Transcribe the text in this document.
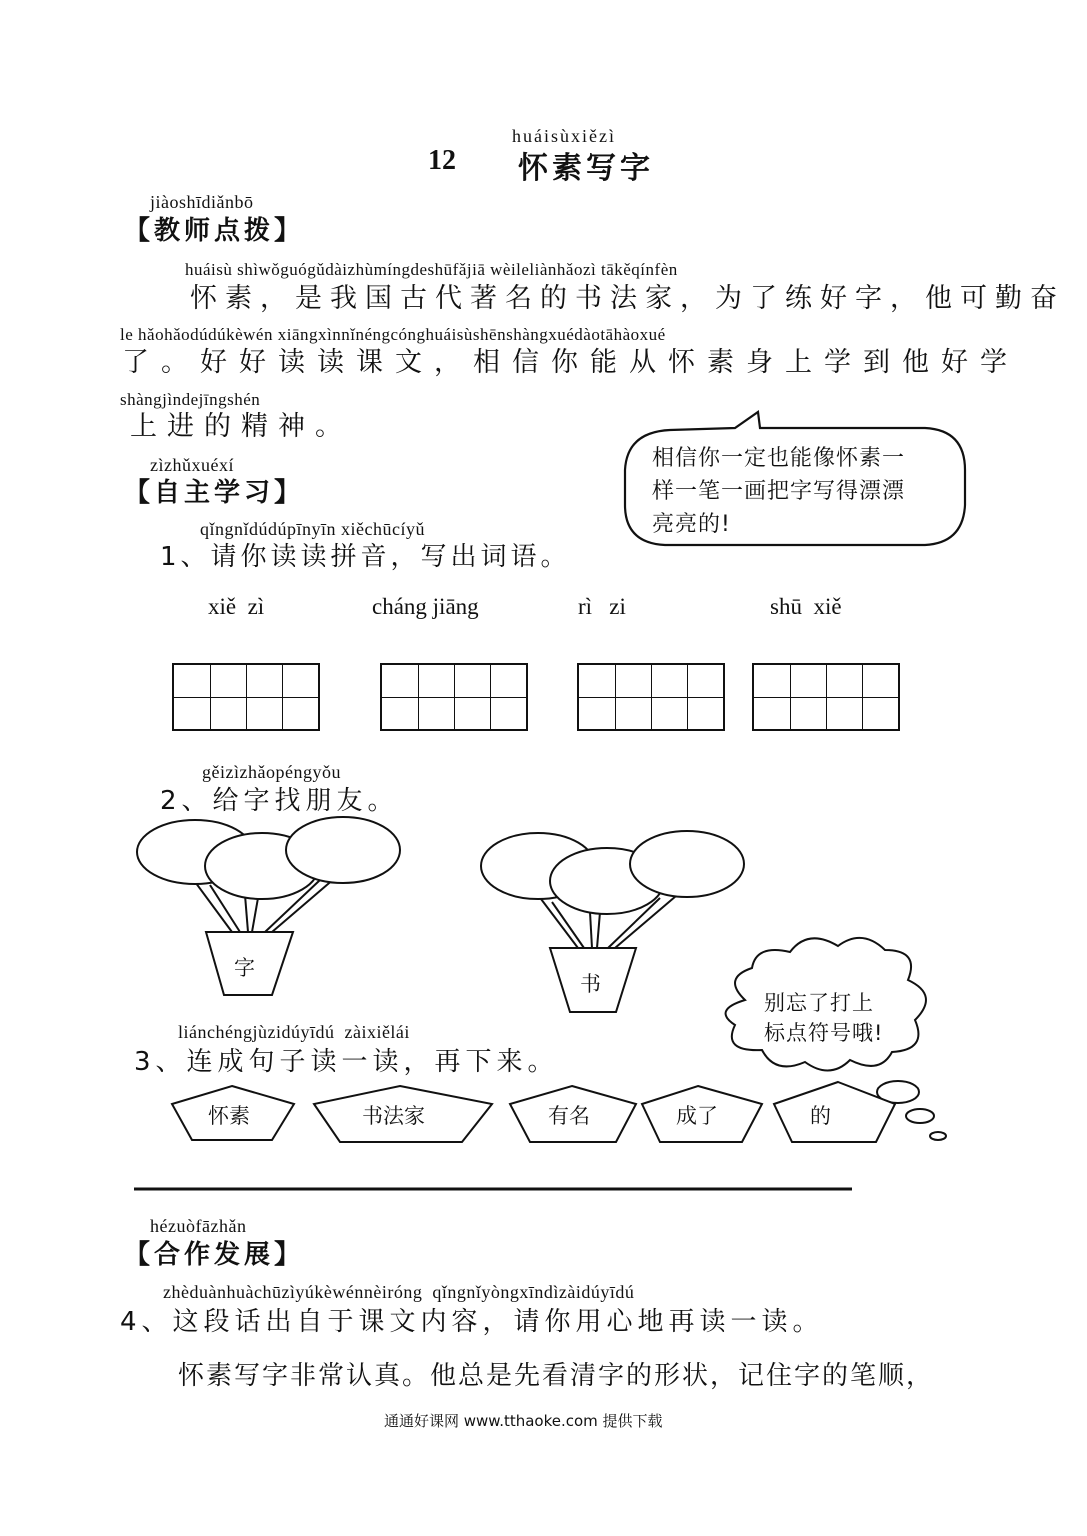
huáisùxiězì
12 怀素写字
jiàoshīdiǎnbō
【教师点拨】
huáisù shìwǒguógǔdàizhùmíngdeshūfǎjiā wèileliànhǎozì tākěqínfèn
怀素，是我国古代著名的书法家，为了练好字，他可勤奋
le hǎohǎodúdúkèwén xiāngxìnnǐnéngcónghuáisùshēnshàngxuédàotāhàoxué
了。好好读读课文，相信你能从怀素身上学到他好学
shàngjìndejīngshén
上进的精神。
相信你一定也能像怀素一
样一笔一画把字写得漂漂
亮亮的!
zìzhǔxuéxí
【自主学习】
qǐngnǐdúdúpīnyīn xiěchūcíyǔ
1、请你读读拼音，写出词语。
xiě  zì	cháng jiāng	rì   zi	shū  xiě
gěizìzhǎopéngyǒu
2、给字找朋友。
字
书
别忘了打上
标点符号哦!
liánchéngjùzidúyīdú  zàixiělái
3、连成句子读一读，再下来。
怀素	书法家	有名	成了	的
hézuòfāzhǎn
【合作发展】
zhèduànhuàchūzìyúkèwénnèiróng  qǐngnǐyòngxīndìzàidúyīdú
4、这段话出自于课文内容，请你用心地再读一读。
怀素写字非常认真。他总是先看清字的形状，记住字的笔顺，
通通好课网 www.tthaoke.com 提供下载
